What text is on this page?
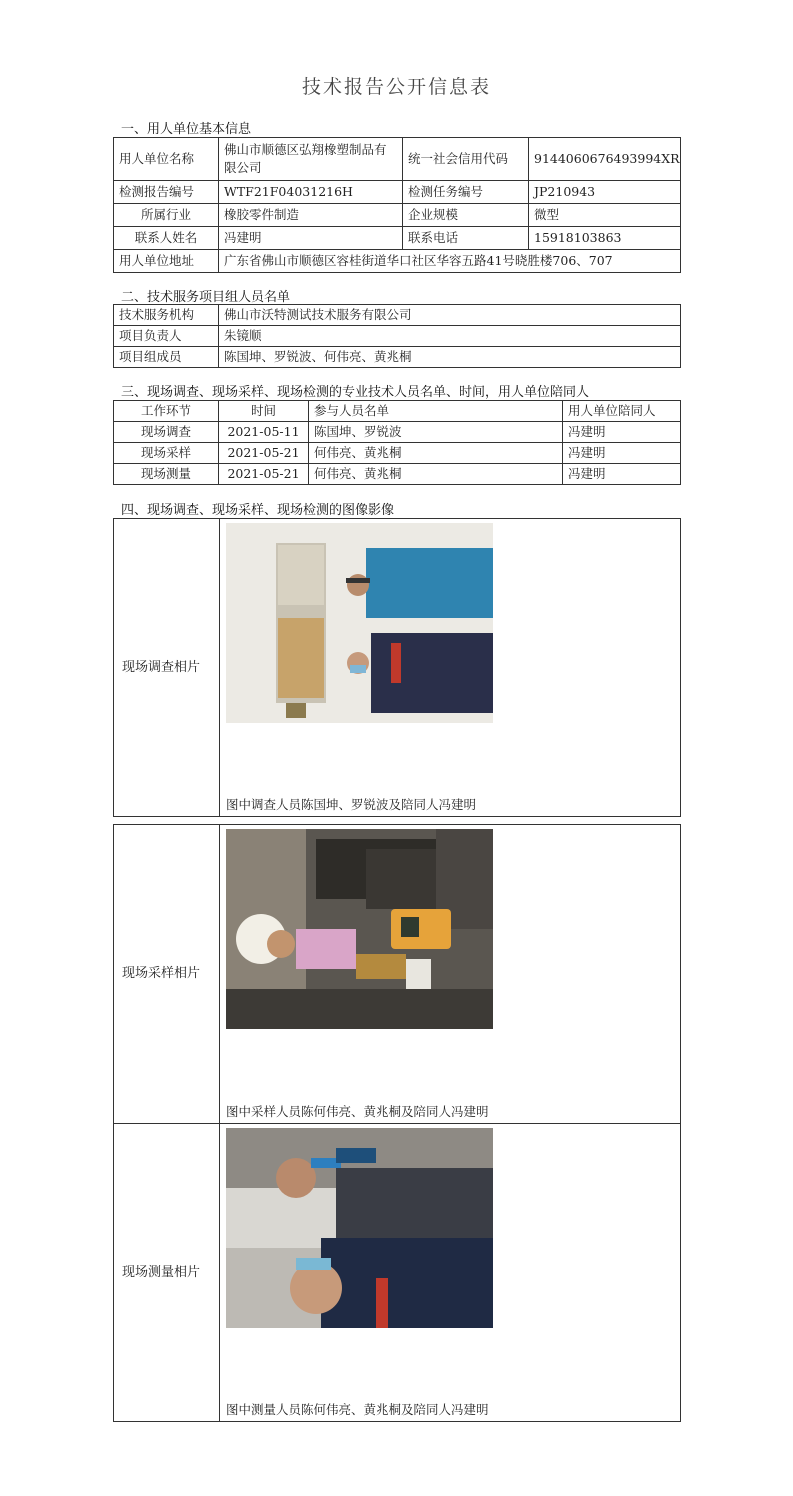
技术报告公开信息表
一、用人单位基本信息
用人单位名称	佛山市顺德区弘翔橡塑制品有限公司	统一社会信用代码	9144060676493994XR
检测报告编号	WTF21F04031216H	检测任务编号	JP210943
所属行业	橡胶零件制造	企业规模	微型
联系人姓名	冯建明	联系电话	15918103863
用人单位地址	广东省佛山市顺德区容桂街道华口社区华容五路41号晓胜楼706、707		
二、技术服务项目组人员名单
技术服务机构	佛山市沃特测试技术服务有限公司
项目负责人	朱镜顺
项目组成员	陈国坤、罗锐波、何伟亮、黄兆桐
三、现场调查、现场采样、现场检测的专业技术人员名单、时间，用人单位陪同人
工作环节	时间	参与人员名单	用人单位陪同人
现场调查	2021-05-11	陈国坤、罗锐波	冯建明
现场采样	2021-05-21	何伟亮、黄兆桐	冯建明
现场测量	2021-05-21	何伟亮、黄兆桐	冯建明
四、现场调查、现场采样、现场检测的图像影像
现场调查相片	
图中调查人员陈国坤、罗锐波及陪同人冯建明
现场采样相片	图中采样人员陈何伟亮、黄兆桐及陪同人冯建明

现场测量相片	图中测量人员陈何伟亮、黄兆桐及陪同人冯建明
